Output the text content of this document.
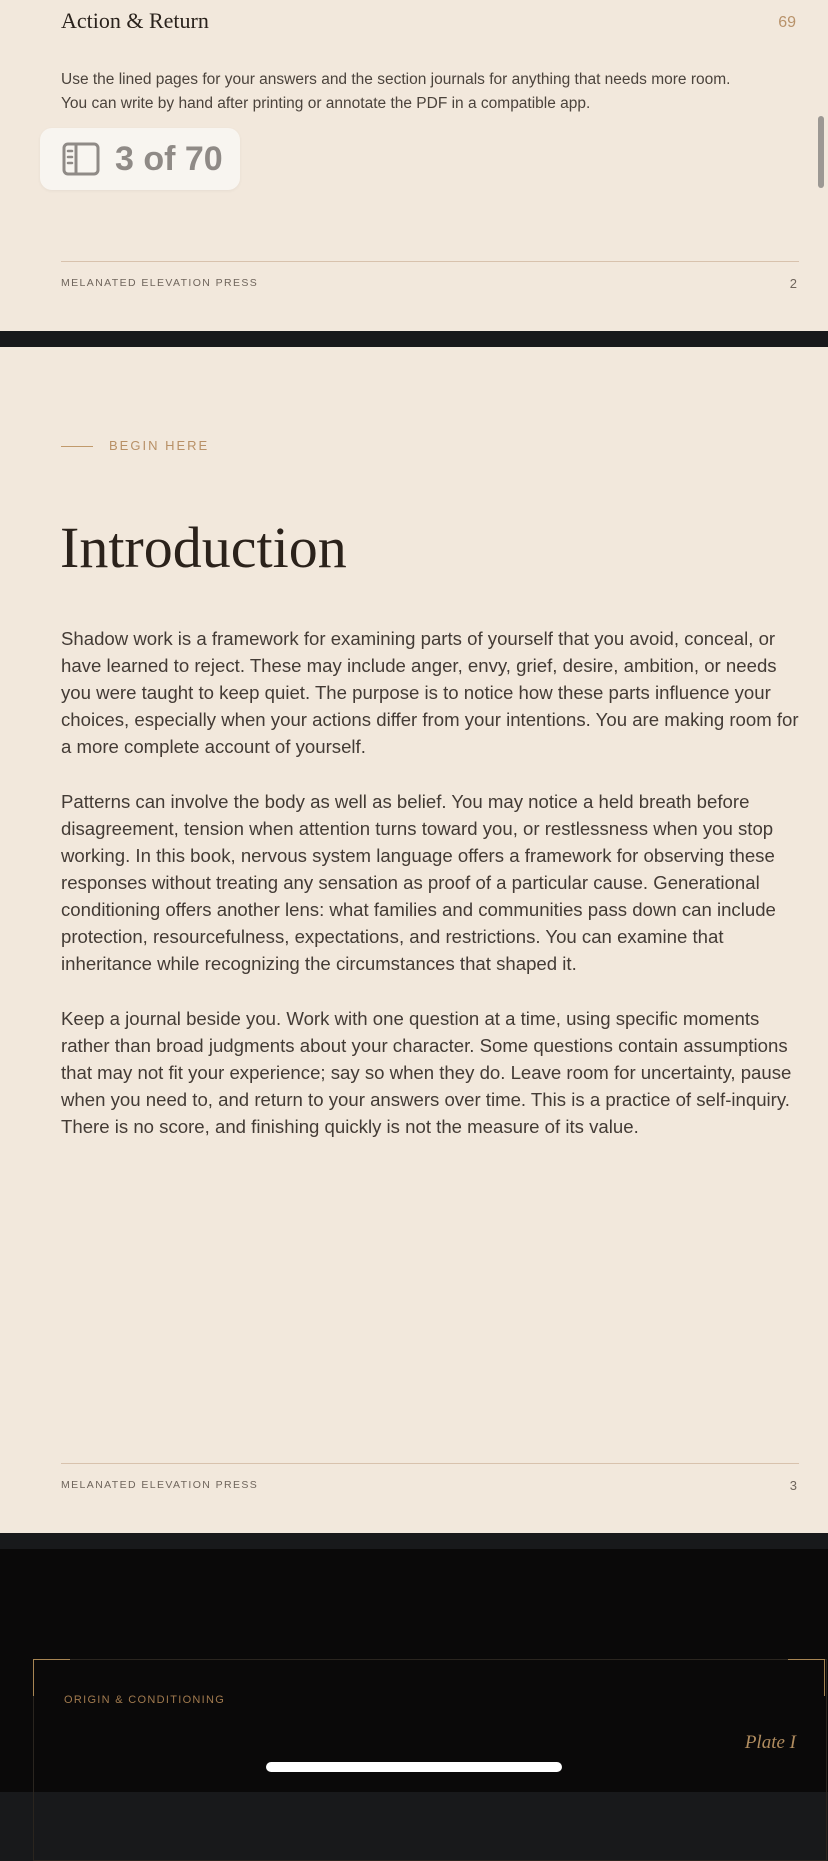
Action & Return	69

Use the lined pages for your answers and the section journals for anything that needs more room.

You can write by hand after printing or annotate the PDF in a compatible app.

MELANATED ELEVATION PRESS	2
BEGIN HERE
Introduction

Shadow work is a framework for examining parts of yourself that you avoid, conceal, or have learned to reject. These may include anger, envy, grief, desire, ambition, or needs you were taught to keep quiet. The purpose is to notice how these parts influence your choices, especially when your actions differ from your intentions. You are making room for a more complete account of yourself.

Patterns can involve the body as well as belief. You may notice a held breath before disagreement, tension when attention turns toward you, or restlessness when you stop working. In this book, nervous system language offers a framework for observing these responses without treating any sensation as proof of a particular cause. Generational conditioning offers another lens: what families and communities pass down can include protection, resourcefulness, expectations, and restrictions. You can examine that inheritance while recognizing the circumstances that shaped it.

Keep a journal beside you. Work with one question at a time, using specific moments rather than broad judgments about your character. Some questions contain assumptions that may not fit your experience; say so when they do. Leave room for uncertainty, pause when you need to, and return to your answers over time. This is a practice of self-inquiry. There is no score, and finishing quickly is not the measure of its value.

MELANATED ELEVATION PRESS	3
ORIGIN & CONDITIONING
Plate I
3 of 70
